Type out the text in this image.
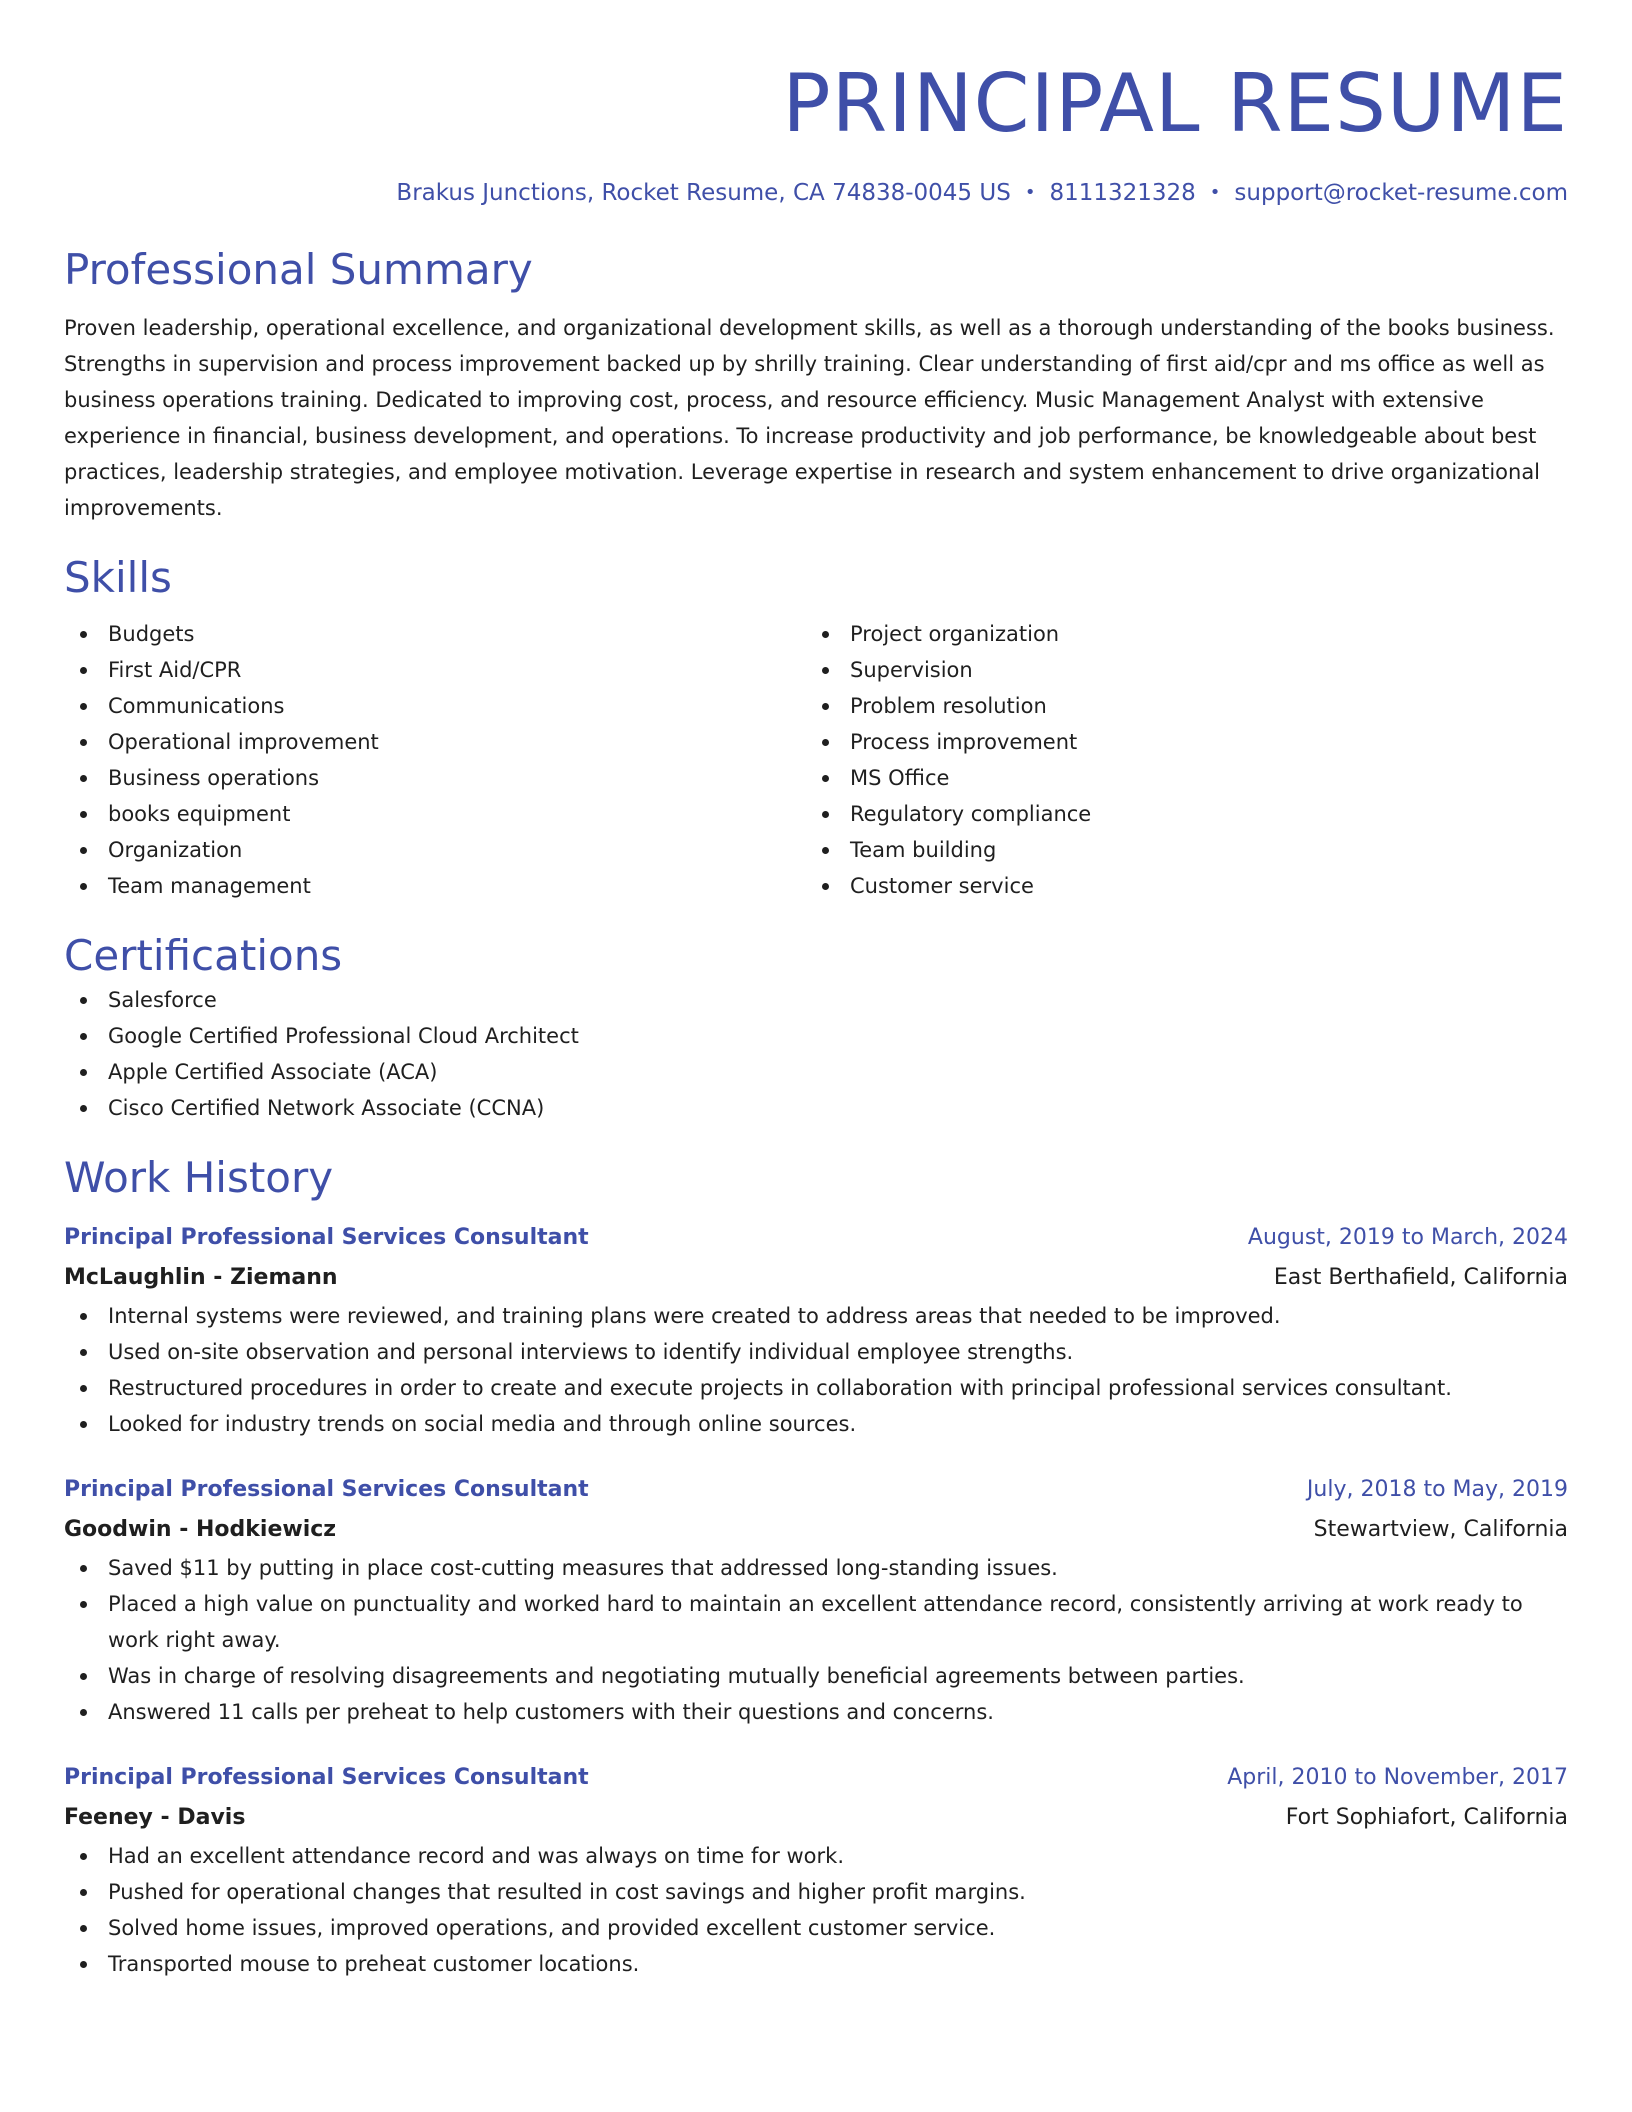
PRINCIPAL RESUME
Brakus Junctions, Rocket Resume, CA 74838-0045 US • 8111321328 • support@rocket-resume.com
Professional Summary

Proven leadership, operational excellence, and organizational development skills, as well as a thorough understanding of the books business. Strengths in supervision and process improvement backed up by shrilly training. Clear understanding of first aid/cpr and ms office as well as business operations training. Dedicated to improving cost, process, and resource efficiency. Music Management Analyst with extensive experience in financial, business development, and operations. To increase productivity and job performance, be knowledgeable about best practices, leadership strategies, and employee motivation. Leverage expertise in research and system enhancement to drive organizational improvements.

Skills
Budgets
First Aid/CPR
Communications
Operational improvement
Business operations
books equipment
Organization
Team management
Project organization
Supervision
Problem resolution
Process improvement
MS Office
Regulatory compliance
Team building
Customer service
Certifications
Salesforce
Google Certified Professional Cloud Architect
Apple Certified Associate (ACA)
Cisco Certified Network Associate (CCNA)
Work History
Principal Professional Services Consultant	August, 2019 to March, 2024
McLaughlin - Ziemann	East Berthafield, California
Internal systems were reviewed, and training plans were created to address areas that needed to be improved.
Used on-site observation and personal interviews to identify individual employee strengths.
Restructured procedures in order to create and execute projects in collaboration with principal professional services consultant.
Looked for industry trends on social media and through online sources.
Principal Professional Services Consultant	July, 2018 to May, 2019
Goodwin - Hodkiewicz	Stewartview, California
Saved $11 by putting in place cost-cutting measures that addressed long-standing issues.
Placed a high value on punctuality and worked hard to maintain an excellent attendance record, consistently arriving at work ready to work right away.
Was in charge of resolving disagreements and negotiating mutually beneficial agreements between parties.
Answered 11 calls per preheat to help customers with their questions and concerns.
Principal Professional Services Consultant	April, 2010 to November, 2017
Feeney - Davis	Fort Sophiafort, California
Had an excellent attendance record and was always on time for work.
Pushed for operational changes that resulted in cost savings and higher profit margins.
Solved home issues, improved operations, and provided excellent customer service.
Transported mouse to preheat customer locations.
